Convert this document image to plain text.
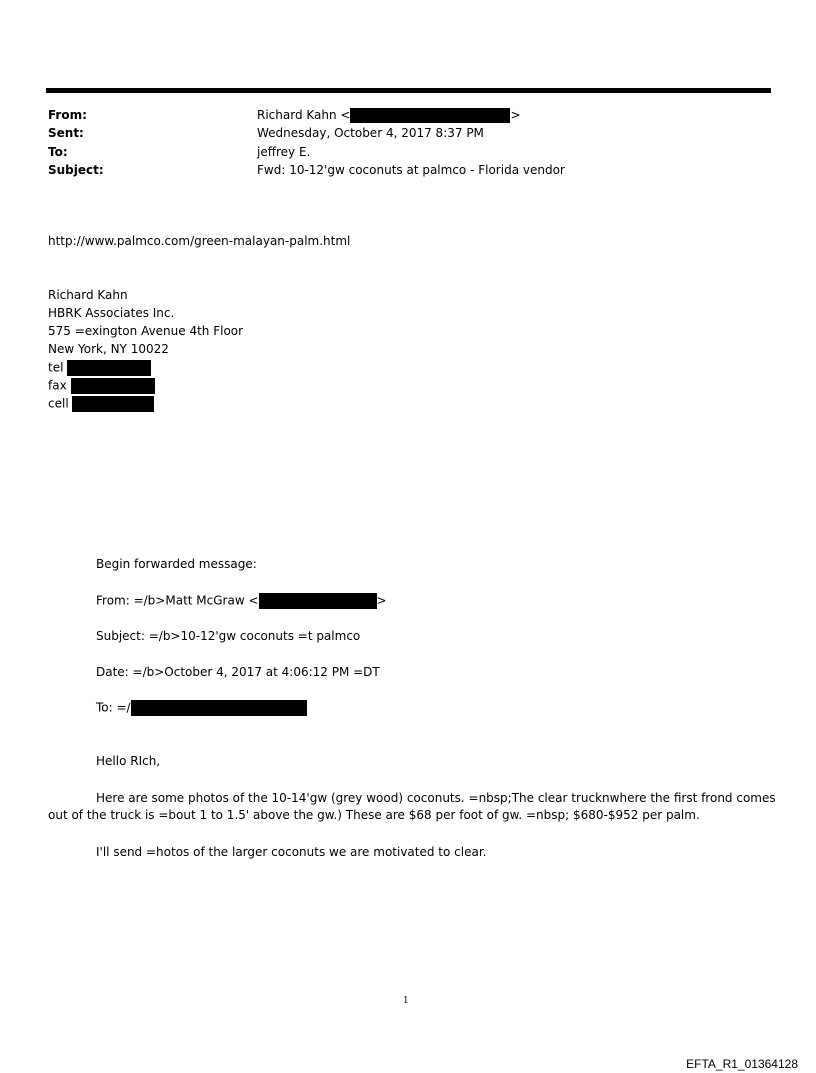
From:	Richard Kahn <	>
Sent:	Wednesday, October 4, 2017 8:37 PM
To:	jeffrey E.
Subject:	Fwd: 10-12'gw coconuts at palmco - Florida vendor
http://www.palmco.com/green-malayan-palm.html
Richard Kahn
HBRK Associates Inc.
575 =exington Avenue 4th Floor
New York, NY 10022
tel
fax
cell
Begin forwarded message:
From: =/b>Matt McGraw <	>
Subject: =/b>10-12'gw coconuts =t palmco
Date: =/b>October 4, 2017 at 4:06:12 PM =DT
To: =/
Hello RIch,
Here are some photos of the 10-14'gw (grey wood) coconuts. =nbsp;The clear trucknwhere the first frond comes out of the truck is =bout 1 to 1.5' above the gw.) These are $68 per foot of gw. =nbsp; $680-$952 per palm.
I'll send =hotos of the larger coconuts we are motivated to clear.
1
EFTA_R1_01364128
